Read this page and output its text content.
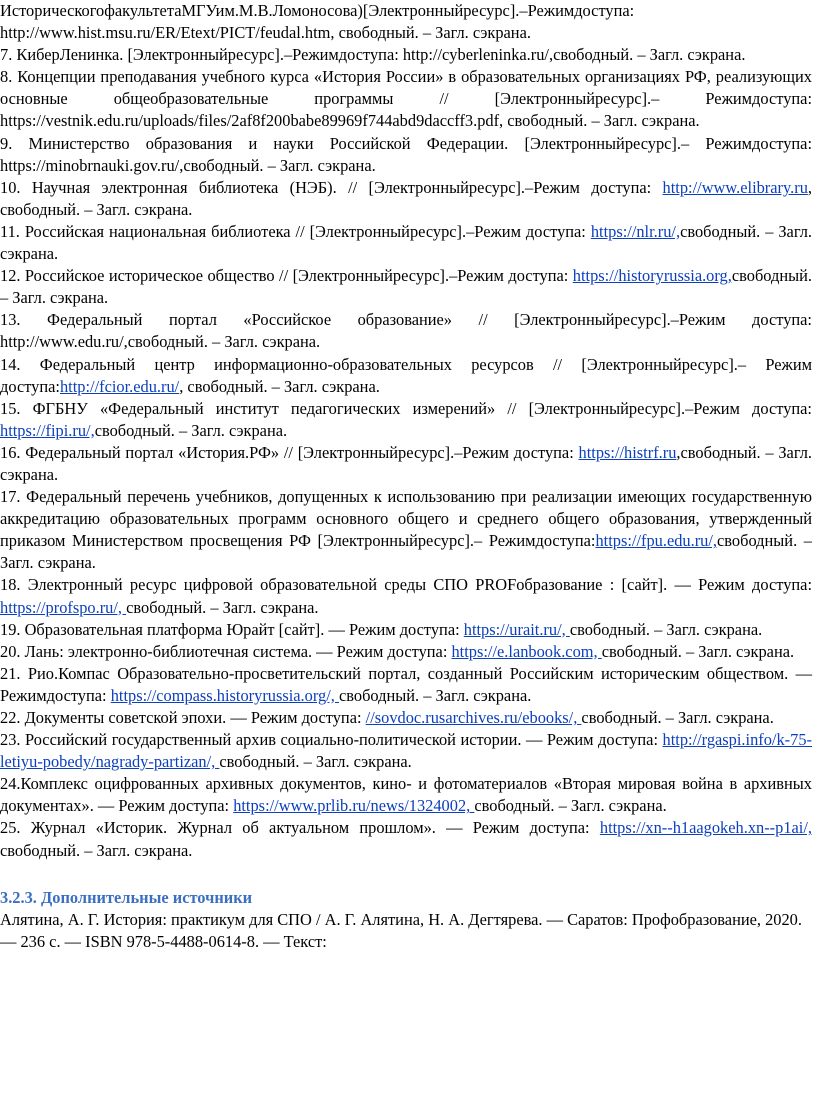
ИсторическогофакультетаМГУим.М.В.Ломоносова)[Электронныйресурс].–Режимдоступа: http://www.hist.msu.ru/ER/Etext/PICT/feudal.htm, свободный. – Загл. сэкрана.

7. КиберЛенинка. [Электронныйресурс].–Режимдоступа: http://cyberleninka.ru/,свободный. – Загл. сэкрана.

8. Концепции преподавания учебного курса «История России» в образовательных организациях РФ, реализующих основные общеобразовательные программы // [Электронныйресурс].– Режимдоступа: https://vestnik.edu.ru/uploads/files/2af8f200babe89969f744abd9daccff3.pdf, свободный. – Загл. сэкрана.

9. Министерство образования и науки Российской Федерации. [Электронныйресурс].– Режимдоступа: https://minobrnauki.gov.ru/,свободный. – Загл. сэкрана.

10. Научная электронная библиотека (НЭБ). // [Электронныйресурс].–Режим доступа: http://www.elibrary.ru, свободный. – Загл. сэкрана.

11. Российская национальная библиотека // [Электронныйресурс].–Режим доступа: https://nlr.ru/,свободный. – Загл. сэкрана.

12. Российское историческое общество // [Электронныйресурс].–Режим доступа: https://historyrussia.org,свободный. – Загл. сэкрана.

13. Федеральный портал «Российское образование» // [Электронныйресурс].–Режим доступа: http://www.edu.ru/,свободный. – Загл. сэкрана.

14. Федеральный центр информационно-образовательных ресурсов // [Электронныйресурс].– Режим доступа:http://fcior.edu.ru/, свободный. – Загл. сэкрана.

15. ФГБНУ «Федеральный институт педагогических измерений» // [Электронныйресурс].–Режим доступа: https://fipi.ru/,свободный. – Загл. сэкрана.

16. Федеральный портал «История.РФ» // [Электронныйресурс].–Режим доступа: https://histrf.ru,свободный. – Загл. сэкрана.

17. Федеральный перечень учебников, допущенных к использованию при реализации имеющих государственную аккредитацию образовательных программ основного общего и среднего общего образования, утвержденный приказом Министерством просвещения РФ [Электронныйресурс].– Режимдоступа:https://fpu.edu.ru/,свободный. – Загл. сэкрана.

18. Электронный ресурс цифровой образовательной среды СПО PROFобразование : [сайт]. — Режим доступа: https://profspo.ru/, свободный. – Загл. сэкрана.

19. Образовательная платформа Юрайт [сайт]. — Режим доступа: https://urait.ru/, свободный. – Загл. сэкрана.

20. Лань: электронно-библиотечная система. — Режим доступа: https://e.lanbook.com, свободный. – Загл. сэкрана.

21. Рио.Компас Образовательно-просветительский портал, созданный Российским историческим обществом. — Режимдоступа: https://compass.historyrussia.org/, свободный. – Загл. сэкрана.

22. Документы советской эпохи. — Режим доступа: //sovdoc.rusarchives.ru/ebooks/, свободный. – Загл. сэкрана.

23. Российский государственный архив социально-политической истории. — Режим доступа: http://rgaspi.info/k-75-letiyu-pobedy/nagrady-partizan/, свободный. – Загл. сэкрана.

24.Комплекс оцифрованных архивных документов, кино- и фотоматериалов «Вторая мировая война в архивных документах». — Режим доступа: https://www.prlib.ru/news/1324002, свободный. – Загл. сэкрана.

25. Журнал «Историк. Журнал об актуальном прошлом». — Режим доступа: https://xn--h1aagokeh.xn--p1ai/, свободный. – Загл. сэкрана.

3.2.3. Дополнительные источники

Алятина, А. Г. История: практикум для СПО / А. Г. Алятина, Н. А. Дегтярева. — Саратов: Профобразование, 2020. — 236 с. — ISBN 978-5-4488-0614-8. — Текст:
